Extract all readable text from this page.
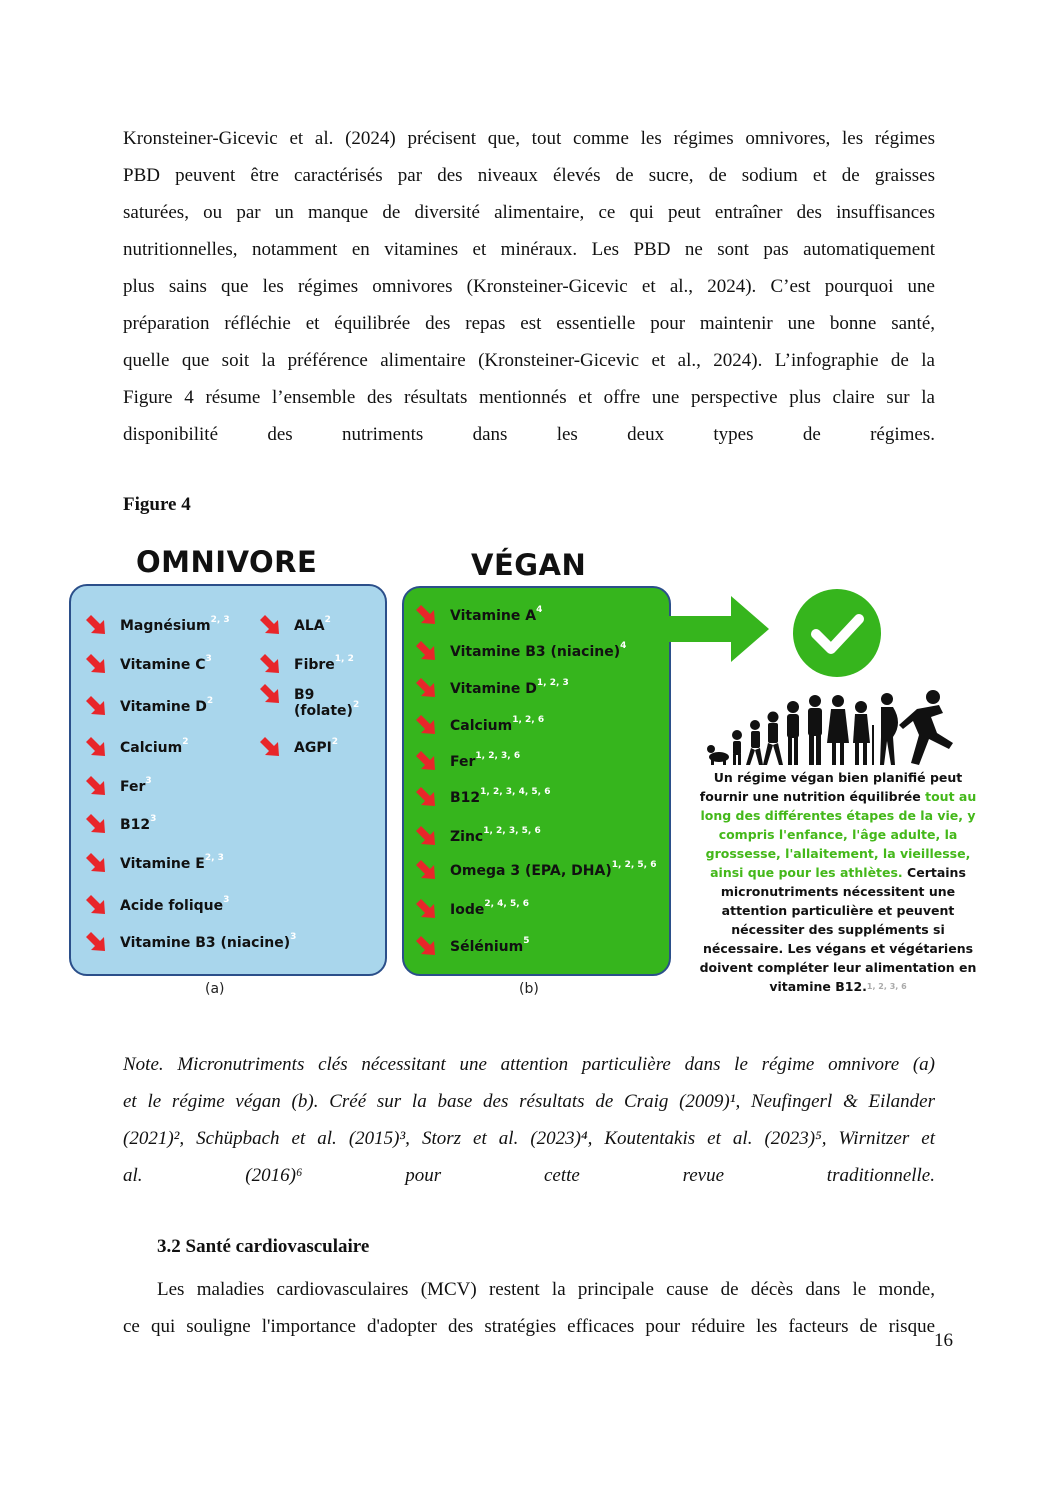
Kronsteiner-Gicevic et al. (2024) précisent que, tout comme les régimes omnivores, les régimes
PBD peuvent être caractérisés par des niveaux élevés de sucre, de sodium et de graisses
saturées, ou par un manque de diversité alimentaire, ce qui peut entraîner des insuffisances
nutritionnelles, notamment en vitamines et minéraux. Les PBD ne sont pas automatiquement
plus sains que les régimes omnivores (Kronsteiner-Gicevic et al., 2024). C’est pourquoi une
préparation réfléchie et équilibrée des repas est essentielle pour maintenir une bonne santé,
quelle que soit la préférence alimentaire (Kronsteiner-Gicevic et al., 2024). L’infographie de la
Figure 4 résume l’ensemble des résultats mentionnés et offre une perspective plus claire sur la
disponibilité des nutriments dans les deux types de régimes.

Figure 4
OMNIVORE	VÉGAN
Magnésium$^{2, 3}$
Vitamine $C^3$
Vitamine $D^2$
Calcium$^2$
Fer$^3$
$B12^3$
Vitamine E$^{2, 3}$
Acide folique$^3$
Vitamine B3 (niacine)$^3$
ALA$^2$
Fibre$^{1, 2}$
B9
(folate)$^2$
AGPI$^2$
Vitamine $A^4$
Vitamine B3 (niacine)$^4$
Vitamine D$^{1, 2, 3}$
Calcium$^{1, 2, 6}$
Fer$^{1, 2, 3, 6}$
B12$^{1, 2, 3, 4, 5, 6}$
Zinc$^{1, 2, 3, 5, 6}$
Omega 3 (EPA, DHA)$^{1, 2, 5, 6}$
Iode$^{2, 4, 5, 6}$
Sélénium$^5$
(a)	(b)
Un régime végan bien planifié peut fournir une nutrition équilibrée tout au long des différentes étapes de la vie, y compris l'enfance, l'âge adulte, la grossesse, l'allaitement, la vieillesse, ainsi que pour les athlètes. Certains micronutriments nécessitent une attention particulière et peuvent nécessiter des suppléments si nécessaire. Les végans et végétariens doivent compléter leur alimentation en vitamine B12.$^{1, 2, 3, 6}$

Note. Micronutriments clés nécessitant une attention particulière dans le régime omnivore (a)
et le régime végan (b). Créé sur la base des résultats de Craig (2009)¹, Neufingerl & Eilander
(2021)², Schüpbach et al. (2015)³, Storz et al. (2023)⁴, Koutentakis et al. (2023)⁵, Wirnitzer et
al. (2016)⁶ pour cette revue traditionnelle.

3.2 Santé cardiovasculaire

Les maladies cardiovasculaires (MCV) restent la principale cause de décès dans le monde,
ce qui souligne l'importance d'adopter des stratégies efficaces pour réduire les facteurs de risque

16
